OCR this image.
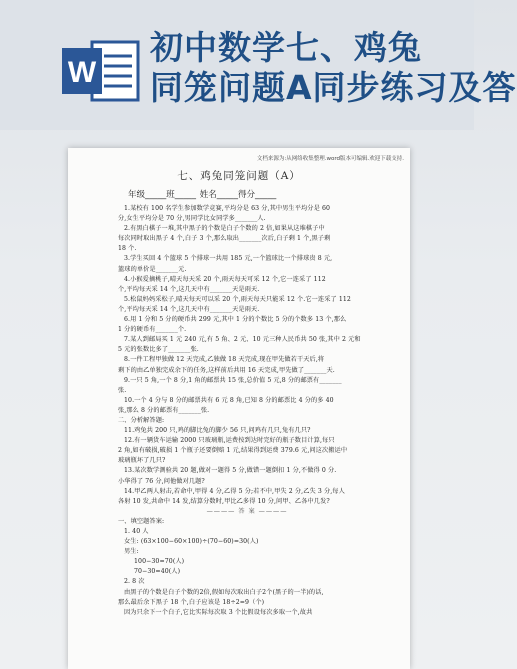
W
初中数学七、鸡兔
同笼问题A同步练习及答
文档来源为:从网络收集整理.word版本可编辑.欢迎下载支持.
七、鸡兔同笼问题（A）
年级_____班_____ 姓名_____得分_____

1.某校有 100 名学生参加数学竞赛,平均分是 63 分,其中男生平均分是 60

分,女生平均分是 70 分,男同学比女同学多_______人.

2.有黑白棋子一堆,其中黑子的个数是白子个数的 2 倍,如果从这堆棋子中

每次同时取出黑子 4 个,白子 3 个,那么取出_______次后,白子剩 1 个,黑子剩

18 个.

3.学生买回 4 个篮球 5 个排球一共用 185 元,一个篮球比一个排球贵 8 元,

篮球的单价是_______元.

4.小猴爱摘桃子,晴天每天采 20 个,雨天每天可采 12 个,它一连采了 112

个,平均每天采 14 个,这几天中有_______天是雨天.

5.松鼠妈妈采松子,晴天每天可以采 20 个,雨天每天只能采 12 个.它一连采了 112

个,平均每天采 14 个,这几天中有_______天是雨天.

6.用 1 分和 5 分的硬币共 299 元,其中 1 分的个数比 5 分的个数多 13 个,那么

1 分的硬币有_______个.

7.某人到邮局买 1 元 240 元,有 5 角、2 元、10 元三种人民币共 50 张,其中 2 元和

5 元的张数比多了_______张.

8.一件工程甲独做 12 天完成,乙独做 18 天完成,现在甲先做若干天后,将

剩下的由乙单独完成余下的任务,这样前后共用 16 天完成,甲先做了_______天.

9.一只 5 角,一个 8 分,1 角的邮票共 15 张,总价值 5 元,8 分的邮票有_______

张.

10.一个 4 分与 8 分的邮票共有 6 元 8 角,已知 8 分的邮票比 4 分的多 40

张,那么 8 分的邮票有_______张.

二、分析解答题:

11.鸡兔共 200 只,鸡的脚比兔的脚少 56 只,问鸡有几只,兔有几只?

12.有一辆货车运输 2000 只玻璃瓶,运费按到达时完好的瓶子数目计算,每只

2 角,如有破损,破损 1 个瓶子还要倒赔 1 元,结果得到运费 379.6 元,问这次搬运中

玻璃瓶坏了几只?

13.某次数学测验共 20 题,做对一题得 5 分,做错一题倒扣 1 分,不做得 0 分.

小华得了 76 分,问他做对几题?

14.甲乙两人射击,若命中,甲得 4 分,乙得 5 分;若不中,甲失 2 分,乙失 3 分,每人

各射 10 发,共命中 14 发,结算分数时,甲比乙多得 10 分,问甲、乙各中几发?

———— 答 案 ————

一、填空题答案:

1. 40 人

女生: (63×100−60×100)÷(70−60)=30(人)

男生:

100−30=70(人)

70−30=40(人)

2. 8 次

由黑子的个数是白子个数的2倍,假如每次取出白子2个(黑子的一半)的话,

那么最后余下黑子 18 个,白子应该是 18÷2=9（个)

因为只余下一个白子,它比实际每次取 3 个比假设每次多取一个,故共
